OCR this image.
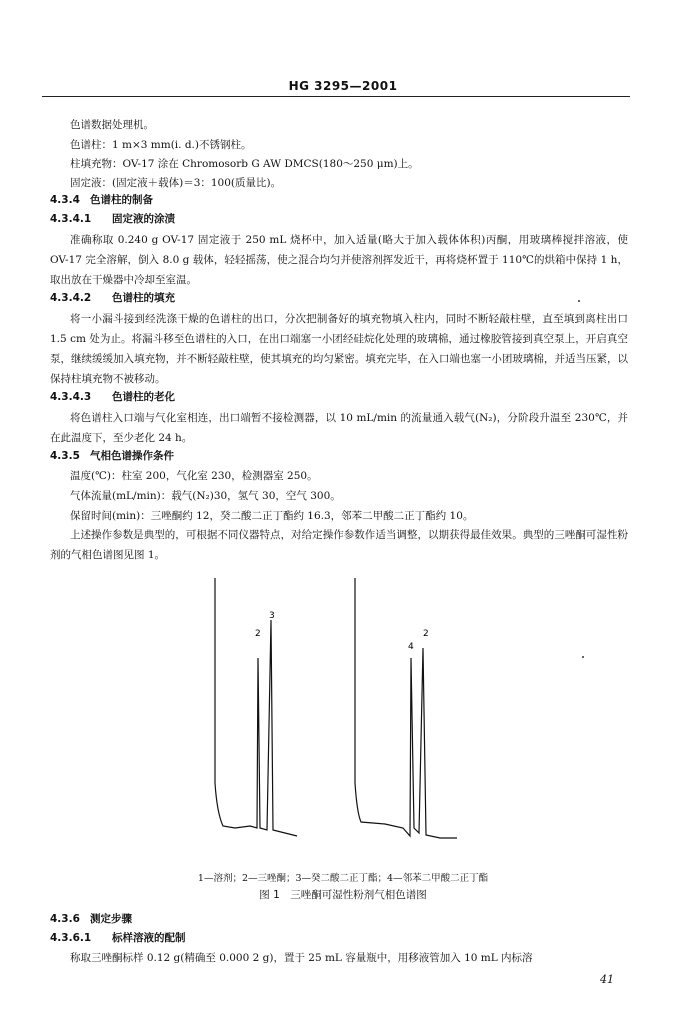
HG 3295—2001
色谱数据处理机。
色谱柱：1 m×3 mm(i. d.)不锈钢柱。
柱填充物：OV-17 涂在 Chromosorb G AW DMCS(180～250 μm)上。
固定液：(固定液＋载体)＝3：100(质量比)。
4.3.4 色谱柱的制备
4.3.4.1 固定液的涂渍
准确称取 0.240 g OV-17 固定液于 250 mL 烧杯中，加入适量(略大于加入载体体积)丙酮，用玻璃棒搅拌溶液，使 OV-17 完全溶解，倒入 8.0 g 载体，轻轻摇荡，使之混合均匀并使溶剂挥发近干，再将烧杯置于 110℃的烘箱中保持 1 h，取出放在干燥器中冷却至室温。
4.3.4.2 色谱柱的填充
将一小漏斗接到经洗涤干燥的色谱柱的出口，分次把制备好的填充物填入柱内，同时不断轻敲柱壁，直至填到离柱出口 1.5 cm 处为止。将漏斗移至色谱柱的入口，在出口端塞一小团经硅烷化处理的玻璃棉，通过橡胶管接到真空泵上，开启真空泵，继续缓缓加入填充物，并不断轻敲柱壁，使其填充的均匀紧密。填充完毕，在入口端也塞一小团玻璃棉，并适当压紧，以保持柱填充物不被移动。
4.3.4.3 色谱柱的老化
将色谱柱入口端与气化室相连，出口端暂不接检测器，以 10 mL/min 的流量通入载气(N₂)，分阶段升温至 230℃，并在此温度下，至少老化 24 h。
4.3.5 气相色谱操作条件
温度(℃)：柱室 200，气化室 230，检测器室 250。
气体流量(mL/min)：载气(N₂)30，氢气 30，空气 300。
保留时间(min)：三唑酮约 12，癸二酸二正丁酯约 16.3，邻苯二甲酸二正丁酯约 10。
上述操作参数是典型的，可根据不同仪器特点，对给定操作参数作适当调整，以期获得最佳效果。典型的三唑酮可湿性粉剂的气相色谱图见图 1。
2
3
4
2
1—溶剂；2—三唑酮；3—癸二酸二正丁酯；4—邻苯二甲酸二正丁酯
图 1　三唑酮可湿性粉剂气相色谱图
4.3.6 测定步骤
4.3.6.1 标样溶液的配制
称取三唑酮标样 0.12 g(精确至 0.000 2 g)，置于 25 mL 容量瓶中，用移液管加入 10 mL 内标溶
41
